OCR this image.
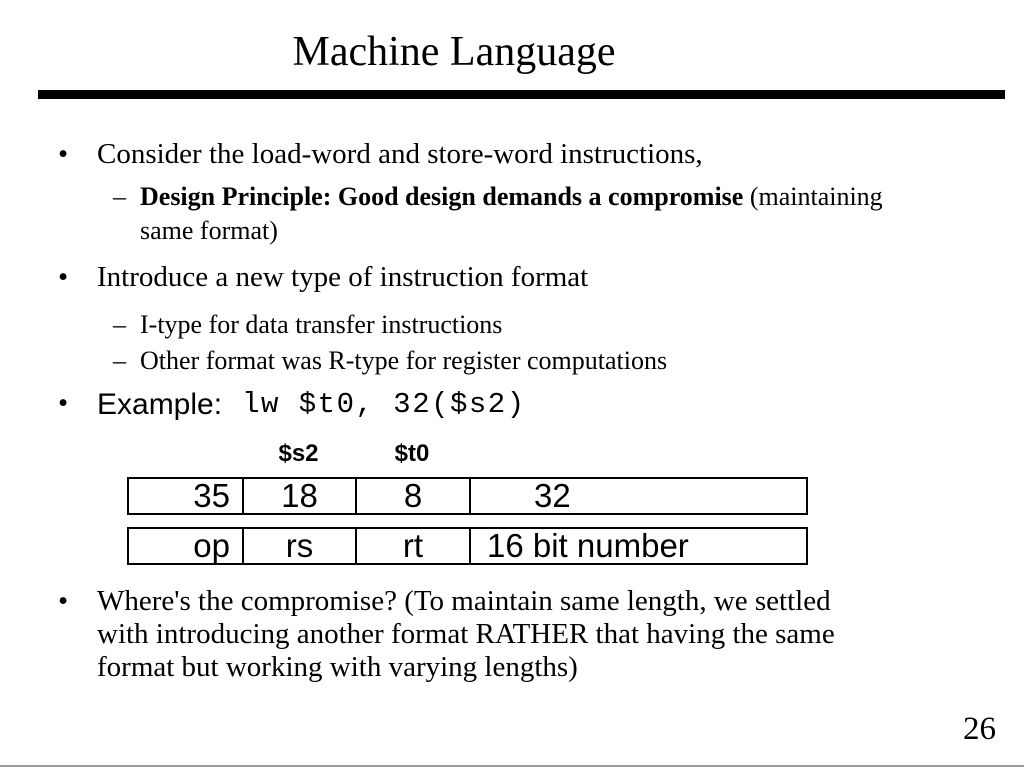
Machine Language
• Consider the load-word and store-word instructions,
– Design Principle: Good design demands a compromise (maintaining
same format)
• Introduce a new type of instruction format
– I-type for data transfer instructions
– Other format was R-type for register computations
• Example: lw $t0, 32($s2)
$s2	$t0
35	18	8	32
op	rs	rt	16 bit number
• Where's the compromise? (To maintain same length, we settled
with introducing another format RATHER that having the same
format but working with varying lengths)
26
